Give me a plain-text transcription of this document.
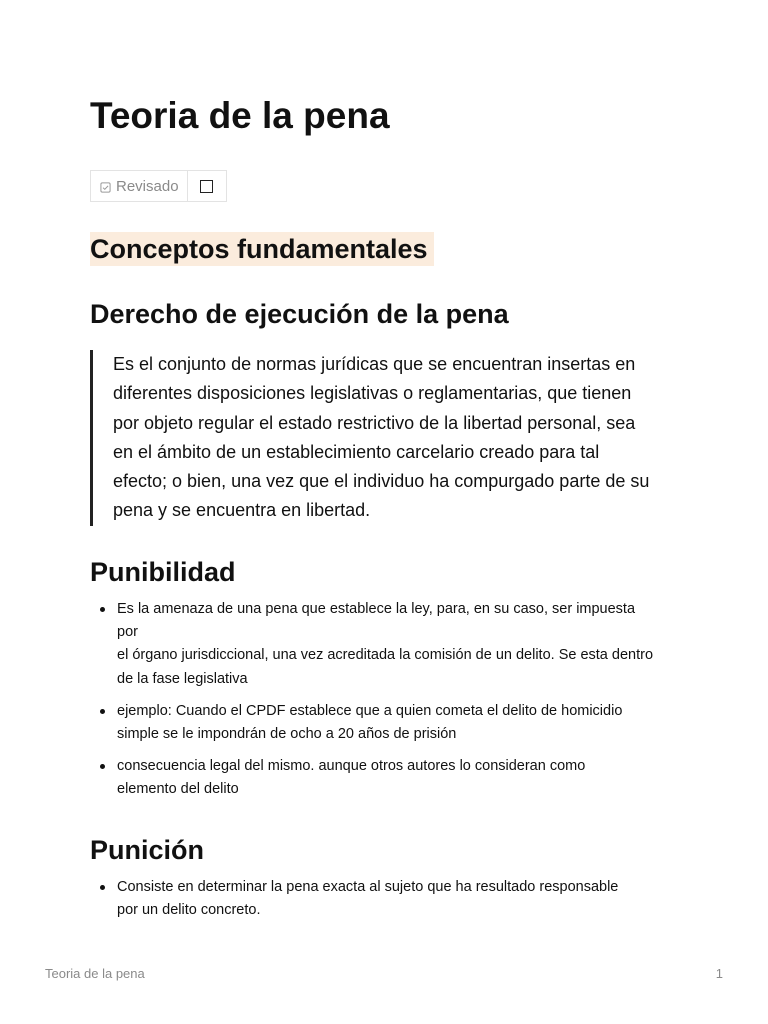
Teoria de la pena
Revisado
Conceptos fundamentales
Derecho de ejecución de la pena
Es el conjunto de normas jurídicas que se encuentran insertas en
diferentes disposiciones legislativas o reglamentarias, que tienen
por objeto regular el estado restrictivo de la libertad personal, sea
en el ámbito de un establecimiento carcelario creado para tal
efecto; o bien, una vez que el individuo ha compurgado parte de su
pena y se encuentra en libertad.
Punibilidad
Es la amenaza de una pena que establece la ley, para, en su caso, ser impuesta
por
el órgano jurisdiccional, una vez acreditada la comisión de un delito. Se esta dentro
de la fase legislativa
ejemplo: Cuando el CPDF establece que a quien cometa el delito de homicidio
simple se le impondrán de ocho a 20 años de prisión
consecuencia legal del mismo. aunque otros autores lo consideran como
elemento del delito
Punición
Consiste en determinar la pena exacta al sujeto que ha resultado responsable
por un delito concreto.
Teoria de la pena	1
